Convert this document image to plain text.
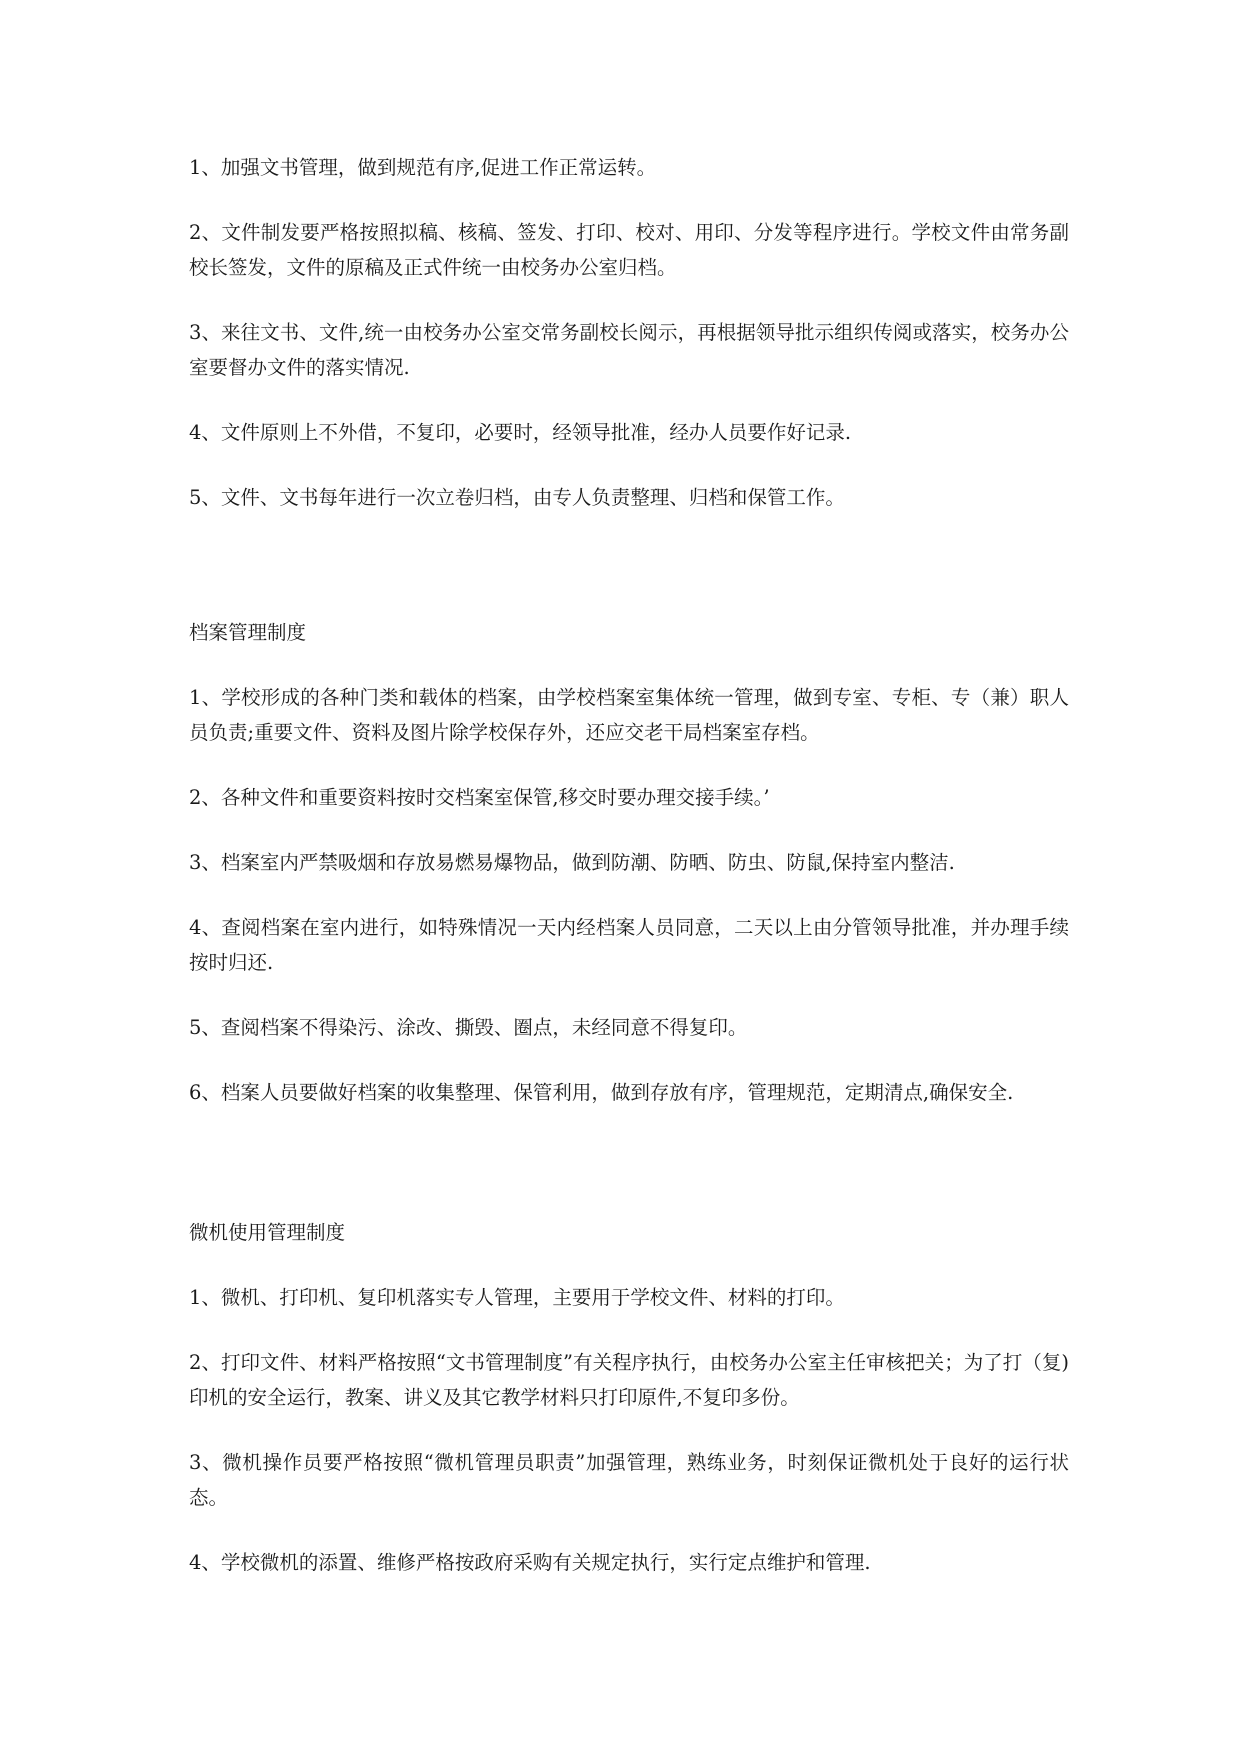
1、加强文书管理，做到规范有序,促进工作正常运转。

2、文件制发要严格按照拟稿、核稿、签发、打印、校对、用印、分发等程序进行。学校文件由常务副校长签发，文件的原稿及正式件统一由校务办公室归档。

3、来往文书、文件,统一由校务办公室交常务副校长阅示，再根据领导批示组织传阅或落实，校务办公室要督办文件的落实情况.

4、文件原则上不外借，不复印，必要时，经领导批准，经办人员要作好记录.

5、文件、文书每年进行一次立卷归档，由专人负责整理、归档和保管工作。

档案管理制度

1、学校形成的各种门类和载体的档案，由学校档案室集体统一管理，做到专室、专柜、专（兼）职人员负责;重要文件、资料及图片除学校保存外，还应交老干局档案室存档。

2、各种文件和重要资料按时交档案室保管,移交时要办理交接手续。’

3、档案室内严禁吸烟和存放易燃易爆物品，做到防潮、防晒、防虫、防鼠,保持室内整洁.

4、查阅档案在室内进行，如特殊情况一天内经档案人员同意，二天以上由分管领导批准，并办理手续按时归还.

5、查阅档案不得染污、涂改、撕毁、圈点，未经同意不得复印。

6、档案人员要做好档案的收集整理、保管利用，做到存放有序，管理规范，定期清点,确保安全.

微机使用管理制度

1、微机、打印机、复印机落实专人管理，主要用于学校文件、材料的打印。

2、打印文件、材料严格按照“文书管理制度”有关程序执行，由校务办公室主任审核把关；为了打（复)印机的安全运行，教案、讲义及其它教学材料只打印原件,不复印多份。

3、微机操作员要严格按照“微机管理员职责”加强管理，熟练业务，时刻保证微机处于良好的运行状态。

4、学校微机的添置、维修严格按政府采购有关规定执行，实行定点维护和管理.
